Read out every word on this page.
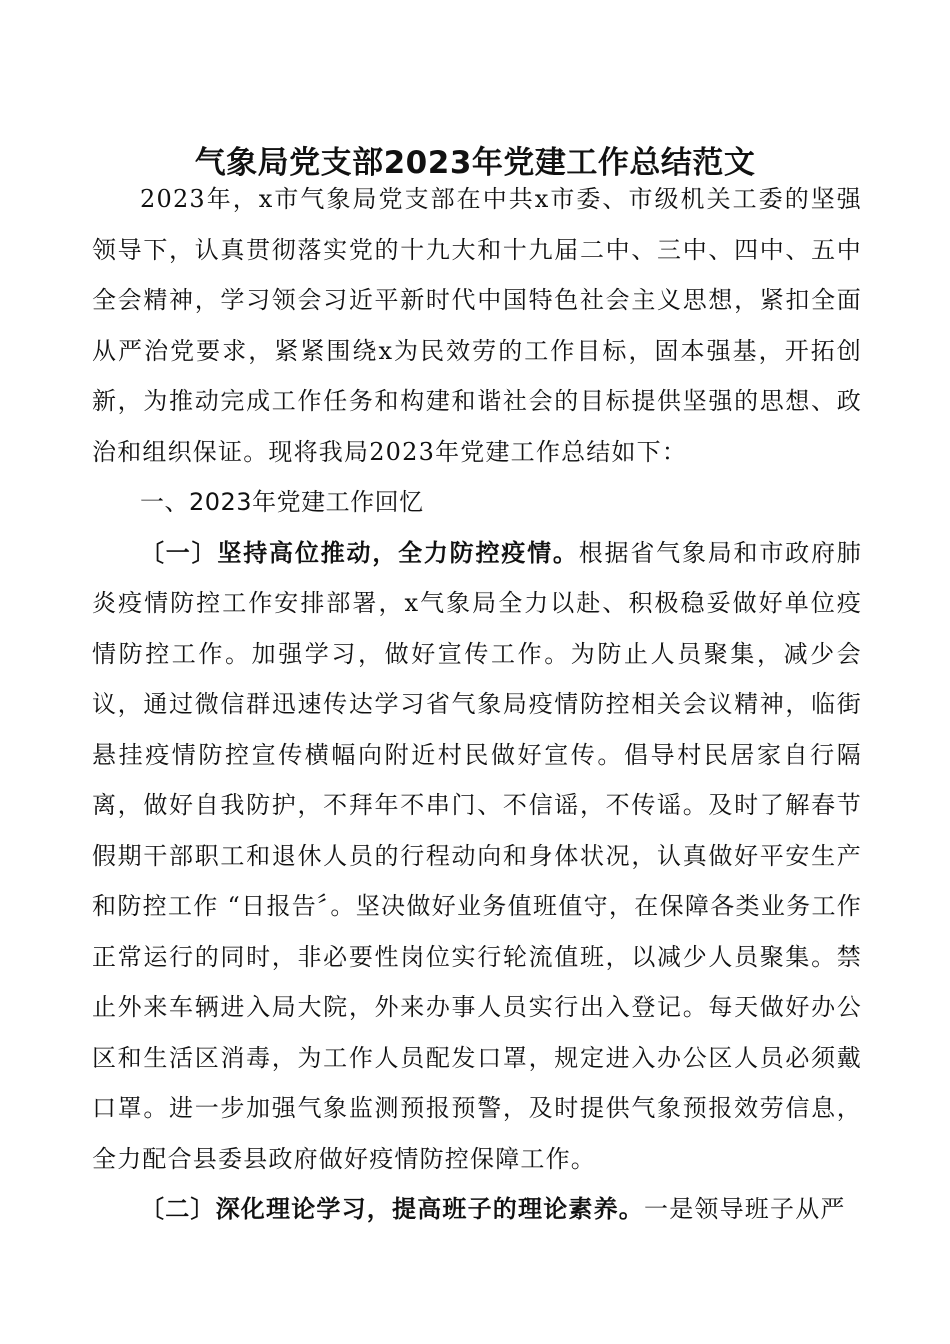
气象局党支部2023年党建工作总结范文

2023年，x市气象局党支部在中共x市委、市级机关工委的坚强领导下，认真贯彻落实党的十九大和十九届二中、三中、四中、五中全会精神，学习领会习近平新时代中国特色社会主义思想，紧扣全面从严治党要求，紧紧围绕x为民效劳的工作目标，固本强基，开拓创新，为推动完成工作任务和构建和谐社会的目标提供坚强的思想、政治和组织保证。现将我局2023年党建工作总结如下：

一、2023年党建工作回忆

〔一〕坚持高位推动，全力防控疫情。根据省气象局和市政府肺炎疫情防控工作安排部署，x气象局全力以赴、积极稳妥做好单位疫情防控工作。加强学习，做好宣传工作。为防止人员聚集，减少会议，通过微信群迅速传达学习省气象局疫情防控相关会议精神，临街悬挂疫情防控宣传横幅向附近村民做好宣传。倡导村民居家自行隔离，做好自我防护，不拜年不串门、不信谣，不传谣。及时了解春节假期干部职工和退休人员的行程动向和身体状况，认真做好平安生产和防控工作 “日报告〞。坚决做好业务值班值守，在保障各类业务工作正常运行的同时，非必要性岗位实行轮流值班，以减少人员聚集。禁止外来车辆进入局大院，外来办事人员实行出入登记。每天做好办公区和生活区消毒，为工作人员配发口罩，规定进入办公区人员必须戴口罩。进一步加强气象监测预报预警，及时提供气象预报效劳信息，全力配合县委县政府做好疫情防控保障工作。

〔二〕深化理论学习，提高班子的理论素养。一是领导班子从严
